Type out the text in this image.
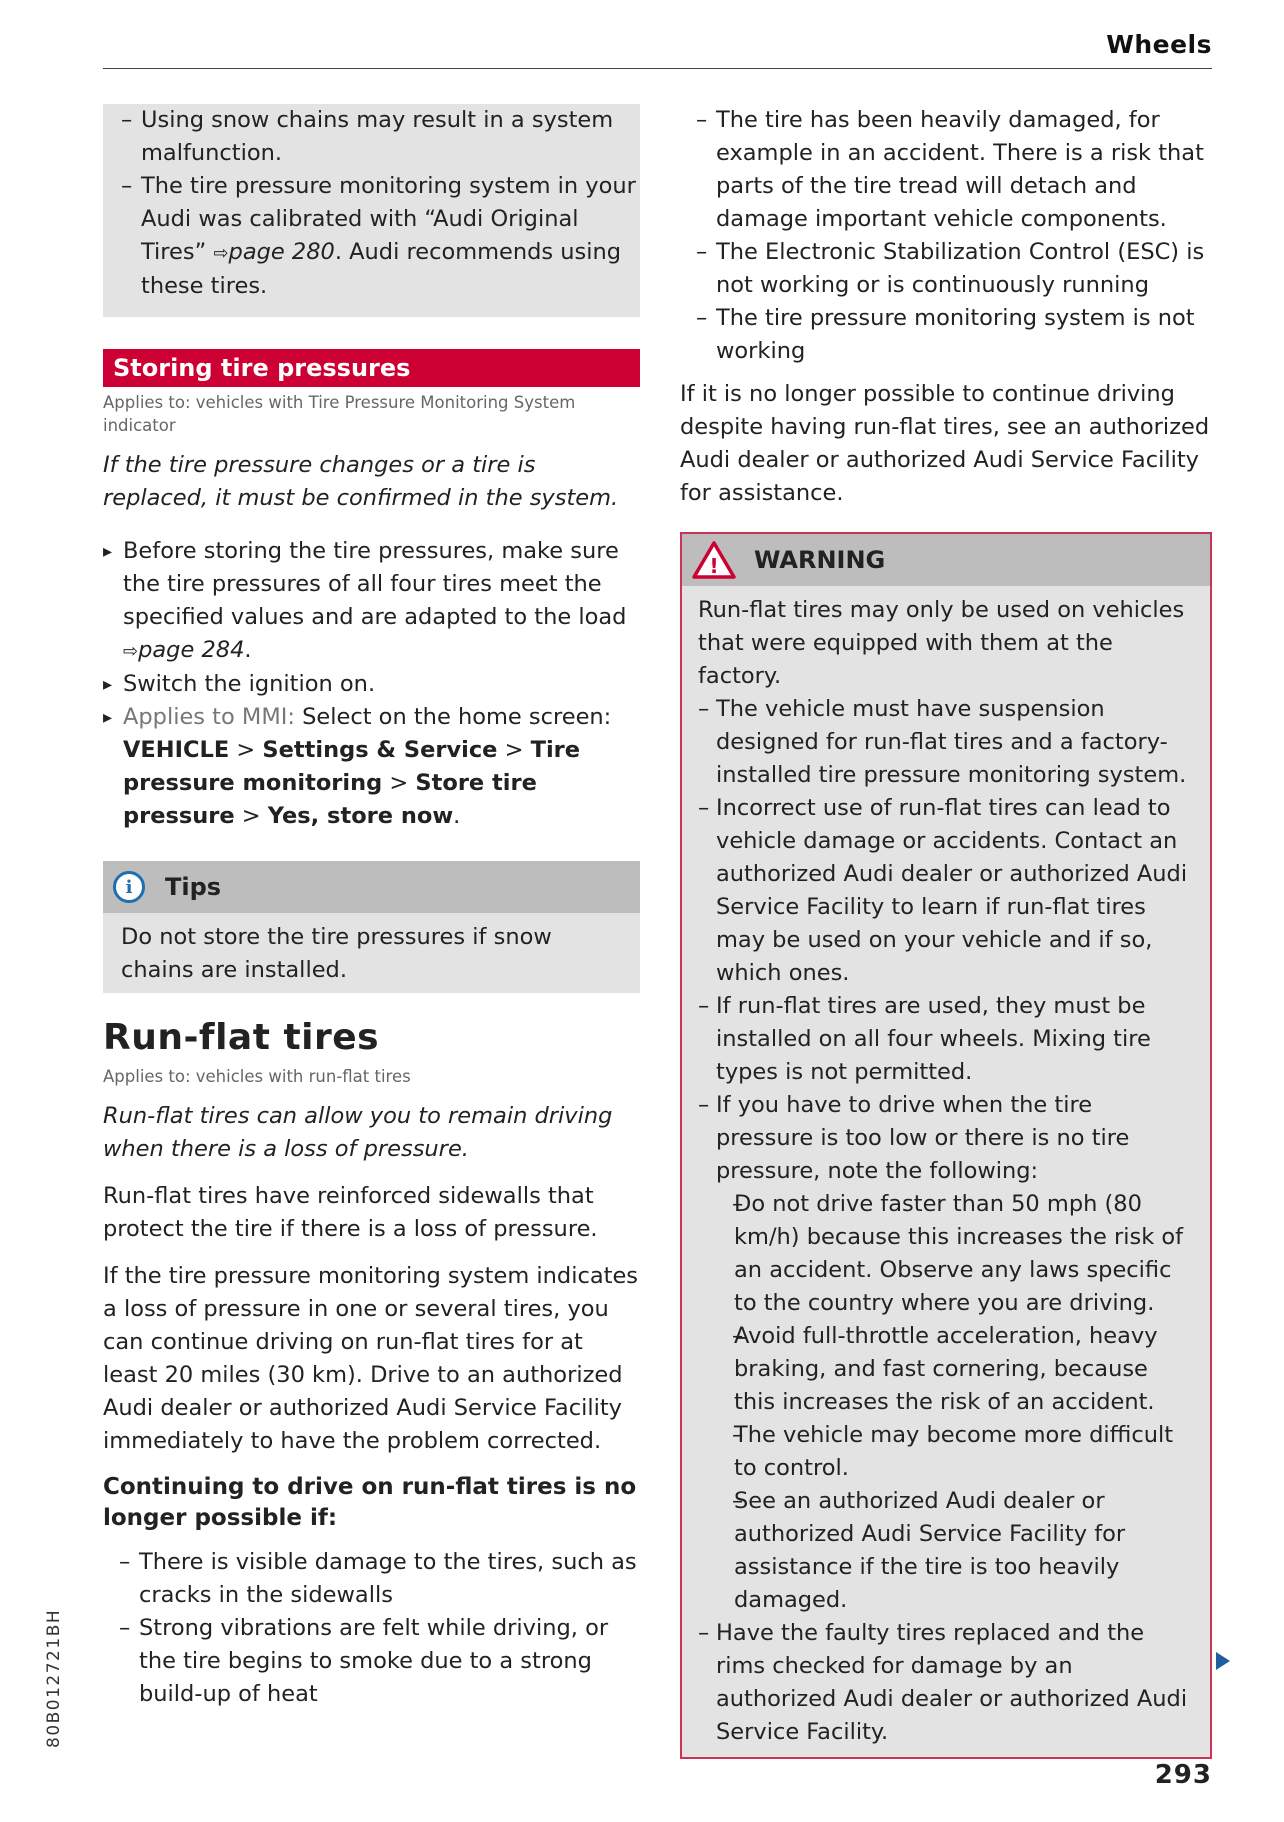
Wheels
– Using snow chains may result in a system malfunction.
– The tire pressure monitoring system in your Audi was calibrated with “Audi Original Tires” ⇨page 280. Audi recommends using these tires.
Storing tire pressures
Applies to: vehicles with Tire Pressure Monitoring System indicator
If the tire pressure changes or a tire is replaced, it must be confirmed in the system.
▸ Before storing the tire pressures, make sure the tire pressures of all four tires meet the specified values and are adapted to the load
⇨page 284.
▸ Switch the ignition on.
▸ Applies to MMI: Select on the home screen: VEHICLE > Settings & Service > Tire pressure monitoring > Store tire pressure > Yes, store now.
i	Tips
Do not store the tire pressures if snow chains are installed.
Run-flat tires
Applies to: vehicles with run-flat tires
Run-flat tires can allow you to remain driving when there is a loss of pressure.
Run-flat tires have reinforced sidewalls that protect the tire if there is a loss of pressure.
If the tire pressure monitoring system indicates a loss of pressure in one or several tires, you can continue driving on run-flat tires for at least 20 miles (30 km). Drive to an authorized Audi dealer or authorized Audi Service Facility immediately to have the problem corrected.
Continuing to drive on run-flat tires is no longer possible if:
– There is visible damage to the tires, such as cracks in the sidewalls
– Strong vibrations are felt while driving, or the tire begins to smoke due to a strong build-up of heat
– The tire has been heavily damaged, for example in an accident. There is a risk that parts of the tire tread will detach and damage important vehicle components.
– The Electronic Stabilization Control (ESC) is not working or is continuously running
– The tire pressure monitoring system is not working
If it is no longer possible to continue driving despite having run-flat tires, see an authorized Audi dealer or authorized Audi Service Facility for assistance.
! WARNING
Run-flat tires may only be used on vehicles that were equipped with them at the factory.
– The vehicle must have suspension designed for run-flat tires and a factory-installed tire pressure monitoring system.
– Incorrect use of run-flat tires can lead to vehicle damage or accidents. Contact an authorized Audi dealer or authorized Audi Service Facility to learn if run-flat tires may be used on your vehicle and if so, which ones.
– If run-flat tires are used, they must be installed on all four wheels. Mixing tire types is not permitted.
– If you have to drive when the tire pressure is too low or there is no tire pressure, note the following:
– Do not drive faster than 50 mph (80 km/h) because this increases the risk of an accident. Observe any laws specific to the country where you are driving.
– Avoid full-throttle acceleration, heavy braking, and fast cornering, because this increases the risk of an accident.
– The vehicle may become more difficult to control.
– See an authorized Audi dealer or authorized Audi Service Facility for assistance if the tire is too heavily damaged.
– Have the faulty tires replaced and the rims checked for damage by an authorized Audi dealer or authorized Audi Service Facility.
293
80B012721BH
